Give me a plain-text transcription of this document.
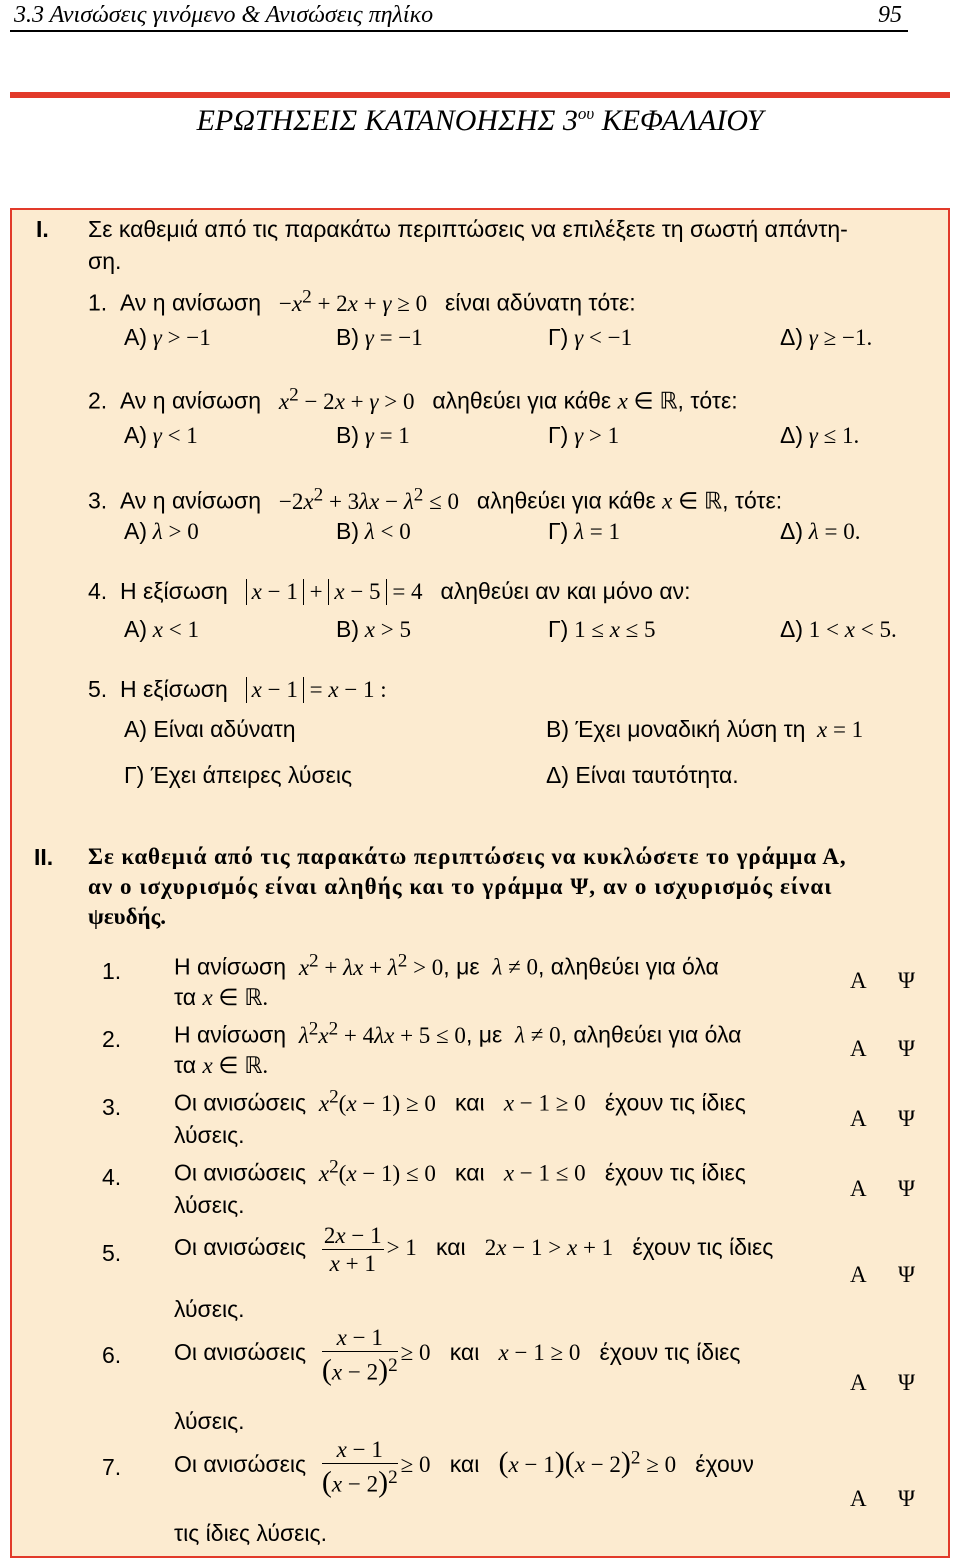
3.3 Ανισώσεις γινόμενο & Ανισώσεις πηλίκο	95
ΕΡΩΤΗΣΕΙΣ ΚΑΤΑΝΟΗΣΗΣ $3^{o\upsilon}$ ΚΕΦΑΛΑΙΟΥ
Ι. Σε καθεμιά από τις παρακάτω περιπτώσεις να επιλέξετε τη σωστή απάντη-
ση.
1. Αν η $\alpha\nu ί\sigma\omega\sigma\eta -x^2 + 2x + \gamma \ge 0$   είναι αδύνατη τότε:
Α) γ > −1	Β) γ = −1	Γ) γ < −1	Δ) γ ≥ −1.
2. Αν η ανίσωση $x^2 - 2x + \gamma > 0$   αληθεύει για κάθε x ∈ ℝ, τότε:
Α) γ < 1	Β) γ = 1	Γ) γ > 1	Δ) γ ≤ 1.
3. Αν η $\alpha\nu ί\sigma\omega\sigma\eta -2x^2 + 3\lambda x - \lambda^2 \le 0$   αληθεύει για κάθε x ∈ ℝ, τότε:
Α) λ > 0	Β) λ < 0	Γ) λ = 1	Δ) λ = 0.
4. Η εξίσωση x − 1 + x − 5 = 4   αληθεύει αν και μόνο αν:
Α) x < 1	Β) x > 5	Γ) 1 ≤ x ≤ 5	Δ) 1 < x < 5.
5. Η εξίσωση x − 1 = x − 1 :
Α) Είναι αδύνατη	Β) Έχει μοναδική λύση τη x = 1
Γ) Έχει άπειρες λύσεις	Δ) Είναι ταυτότητα.
ΙΙ. Σε καθεμιά από τις παρακάτω περιπτώσεις να κυκλώσετε το γράμμα Α,
αν ο ισχυρισμός είναι αληθής και το γράμμα Ψ, αν ο ισχυρισμός είναι
ψευδής.
1. Η ανίσωση $x^2 + \lambda x + \lambda^2 > 0$, με λ ≠ 0, αληθεύει για όλα
τα x ∈ ℝ.
Α Ψ
2. Η ανίσωση $\lambda^2x^2 + 4\lambda x + 5 \le 0$, με λ ≠ 0, αληθεύει για όλα
τα x ∈ ℝ.
Α Ψ
3. Οι ανισώσεις $x^2(x - 1) \ge 0$ και x − 1 ≥ 0 έχουν τις ίδιες
λύσεις.
Α Ψ
4. Οι ανισώσεις $x^2(x - 1) \le 0$ και x − 1 ≤ 0 έχουν τις ίδιες
λύσεις.
Α Ψ
5. Οι ανισώσεις $\frac{2x - 1}{x + 1} > 1$ και 2x − 1 > x + 1 έχουν τις ίδιες
λύσεις.
Α Ψ
6. Οι ανισώσεις $\frac{x - 1}{(x - 2)^2} \ge 0$ και x − 1 ≥ 0 έχουν τις ίδιες
λύσεις.
Α Ψ
7. Οι ανισώσεις $\frac{x - 1}{(x - 2)^2} \ge 0$ και $(x - 1)(x - 2)^2 \ge 0$ έχουν
τις ίδιες λύσεις.
Α Ψ
